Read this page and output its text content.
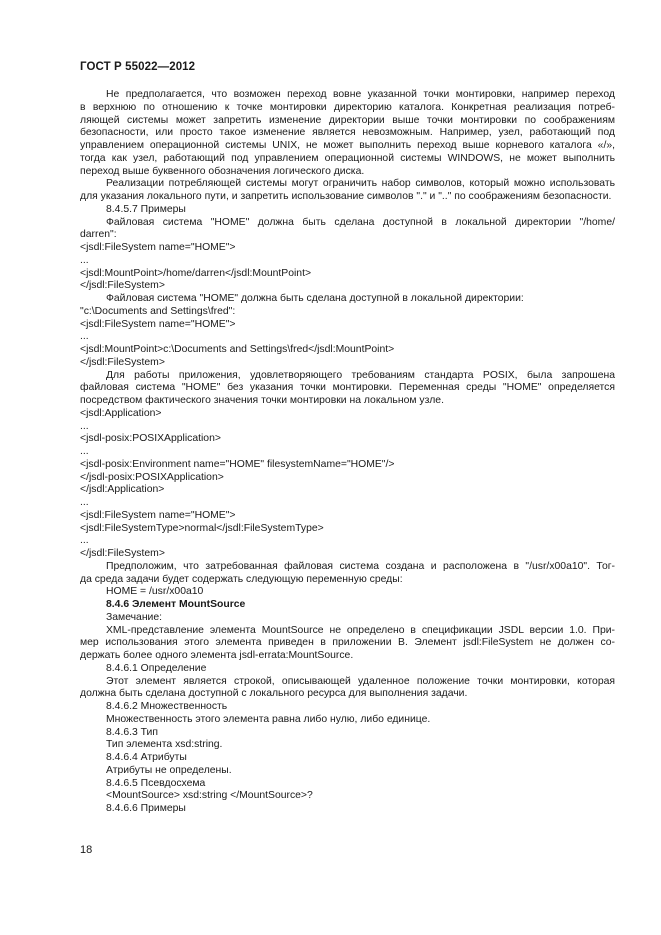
ГОСТ Р 55022—2012
Не предполагается, что возможен переход вовне указанной точки монтировки, например переход
в верхнюю по отношению к точке монтировки директорию каталога. Конкретная реализация потреб-
ляющей системы может запретить изменение директории выше точки монтировки по соображениям
безопасности, или просто такое изменение является невозможным. Например, узел, работающий под
управлением операционной системы UNIX, не может выполнить переход выше корневого каталога «/»,
тогда как узел, работающий под управлением операционной системы WINDOWS, не может выполнить
переход выше буквенного обозначения логического диска.
Реализации потребляющей системы могут ограничить набор символов, который можно использовать
для указания локального пути, и запретить использование символов "." и ".." по соображениям безопасности.
8.4.5.7 Примеры
Файловая система "HOME" должна быть сделана доступной в локальной директории "/home/
darren":
<jsdl:FileSystem name="HOME">
...
<jsdl:MountPoint>/home/darren</jsdl:MountPoint>
</jsdl:FileSystem>
Файловая система "HOME" должна быть сделана доступной в локальной директории:
"c:\Documents and Settings\fred":
<jsdl:FileSystem name="HOME">
...
<jsdl:MountPoint>c:\Documents and Settings\fred</jsdl:MountPoint>
</jsdl:FileSystem>
Для работы приложения, удовлетворяющего требованиям стандарта POSIX, была запрошена
файловая система "HOME" без указания точки монтировки. Переменная среды "HOME" определяется
посредством фактического значения точки монтировки на локальном узле.
<jsdl:Application>
...
<jsdl-posix:POSIXApplication>
...
<jsdl-posix:Environment name="HOME" filesystemName="HOME"/>
</jsdl-posix:POSIXApplication>
</jsdl:Application>
...
<jsdl:FileSystem name="HOME">
<jsdl:FileSystemType>normal</jsdl:FileSystemType>
...
</jsdl:FileSystem>
Предположим, что затребованная файловая система создана и расположена в "/usr/x00a10". Тог-
да среда задачи будет содержать следующую переменную среды:
HOME = /usr/x00a10
8.4.6 Элемент MountSource
Замечание:
XML-представление элемента MountSource не определено в спецификации JSDL версии 1.0. При-
мер использования этого элемента приведен в приложении В. Элемент jsdl:FileSystem не должен со-
держать более одного элемента jsdl-errata:MountSource.
8.4.6.1 Определение
Этот элемент является строкой, описывающей удаленное положение точки монтировки, которая
должна быть сделана доступной с локального ресурса для выполнения задачи.
8.4.6.2 Множественность
Множественность этого элемента равна либо нулю, либо единице.
8.4.6.3 Тип
Тип элемента xsd:string.
8.4.6.4 Атрибуты
Атрибуты не определены.
8.4.6.5 Псевдосхема
<MountSource> xsd:string </MountSource>?
8.4.6.6 Примеры
18
